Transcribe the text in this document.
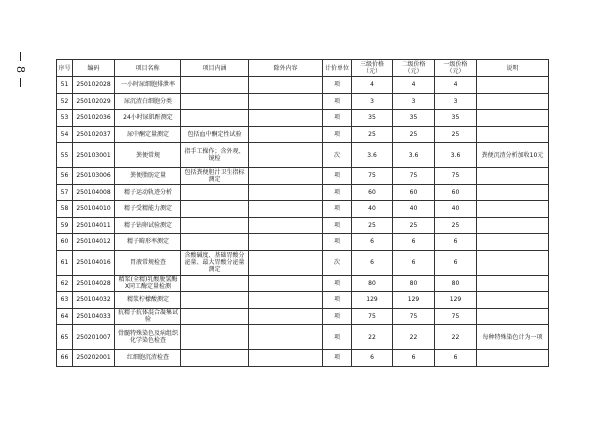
8	序号	编码	项目名称	项目内涵	除外内容	计价单位	三级价格（元）	二级价格（元）	一级价格（元）	说明
51	250102028	一小时尿细胞排泄率			项	4	4	4	
52	250102029	尿沉渣白细胞分类			项	3	3	3	
53	250102036	24小时尿肌酐测定			项	35	35	35	
54	250102037	尿中酮定量测定	包括血中酮定性试验		项	25	25	25	
55	250103001	粪便常规	指手工操作；含外观、镜检		次	3.6	3.6	3.6	粪便沉渣分析加收10元
56	250103006	粪便脂肪定量	包括粪便胆汁卫生指标测定		项	75	75	75	
57	250104008	精子运动轨迹分析			项	60	60	60	
58	250104010	精子受精能力测定			项	40	40	40	
59	250104011	精子钻卵试验测定			项	25	25	25	
60	250104012	精子畸形率测定			项	6	6	6	
61	250104016	胃液常规检查	含酸碱度、基础胃酸分泌量、最大胃酸分泌量测定		次	6	6	6	
62	250104028	精浆(全精)乳酸脱氢酶X同工酶定量检测			项	80	80	80	
63	250104032	精浆柠檬酸测定			项	129	129	129	
64	250104033	抗精子抗体混合凝集试验			项	75	75	75	
65	250201007	骨髓特殊染色及病组织化学染色检查			项	22	22	22	每种特殊染色计为一项
66	250202001	红细胞沉渣检查			项	6	6	6	
